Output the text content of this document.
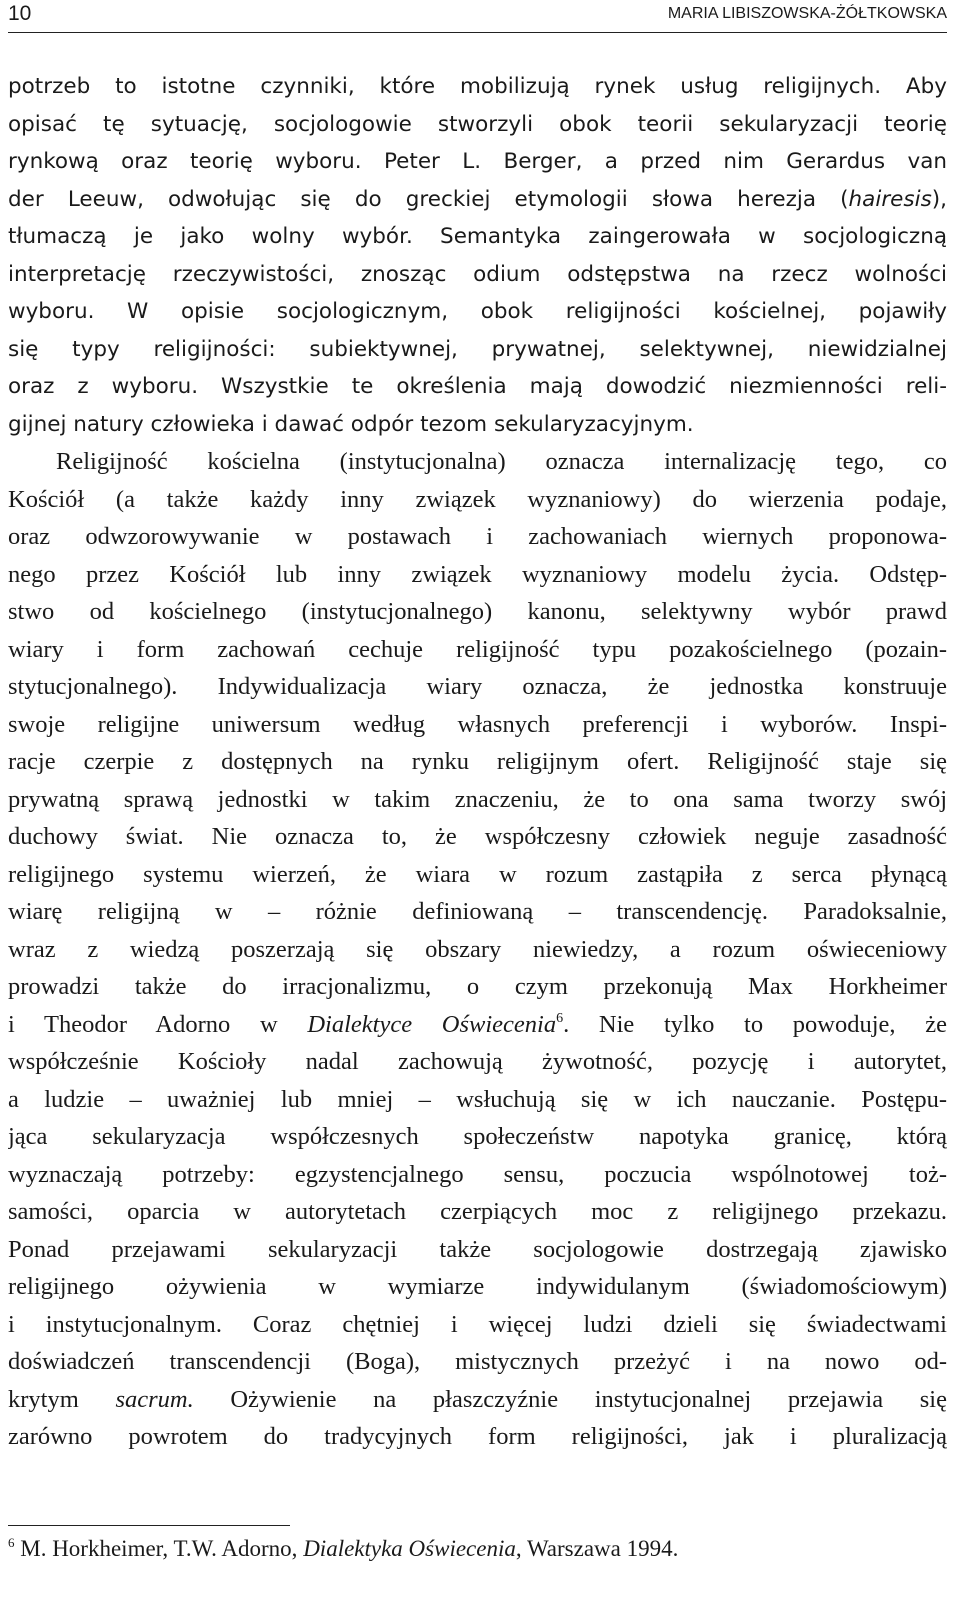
10	MARIA LIBISZOWSKA-ŻÓŁTKOWSKA
potrzeb to istotne czynniki, które mobilizują rynek usług religijnych. Aby
opisać tę sytuację, socjologowie stworzyli obok teorii sekularyzacji teorię
rynkową oraz teorię wyboru. Peter L. Berger, a przed nim Gerardus van
der Leeuw, odwołując się do greckiej etymologii słowa herezja (hairesis),
tłumaczą je jako wolny wybór. Semantyka zaingerowała w socjologiczną
interpretację rzeczywistości, znosząc odium odstępstwa na rzecz wolności
wyboru. W opisie socjologicznym, obok religijności kościelnej, pojawiły
się typy religijności: subiektywnej, prywatnej, selektywnej, niewidzialnej
oraz z wyboru. Wszystkie te określenia mają dowodzić niezmienności reli-
gijnej natury człowieka i dawać odpór tezom sekularyzacyjnym.
Religijność kościelna (instytucjonalna) oznacza internalizację tego, co
Kościół (a także każdy inny związek wyznaniowy) do wierzenia podaje,
oraz odwzorowywanie w postawach i zachowaniach wiernych proponowa-
nego przez Kościół lub inny związek wyznaniowy modelu życia. Odstęp-
stwo od kościelnego (instytucjonalnego) kanonu, selektywny wybór prawd
wiary i form zachowań cechuje religijność typu pozakościelnego (pozain-
stytucjonalnego). Indywidualizacja wiary oznacza, że jednostka konstruuje
swoje religijne uniwersum według własnych preferencji i wyborów. Inspi-
racje czerpie z dostępnych na rynku religijnym ofert. Religijność staje się
prywatną sprawą jednostki w takim znaczeniu, że to ona sama tworzy swój
duchowy świat. Nie oznacza to, że współczesny człowiek neguje zasadność
religijnego systemu wierzeń, że wiara w rozum zastąpiła z serca płynącą
wiarę religijną w – różnie definiowaną – transcendencję. Paradoksalnie,
wraz z wiedzą poszerzają się obszary niewiedzy, a rozum oświeceniowy
prowadzi także do irracjonalizmu, o czym przekonują Max Horkheimer
i Theodor Adorno w Dialektyce Oświecenia$^6$. Nie tylko to powoduje, że
współcześnie Kościoły nadal zachowują żywotność, pozycję i autorytet,
a ludzie – uważniej lub mniej – wsłuchują się w ich nauczanie. Postępu-
jąca sekularyzacja współczesnych społeczeństw napotyka granicę, którą
wyznaczają potrzeby: egzystencjalnego sensu, poczucia wspólnotowej toż-
samości, oparcia w autorytetach czerpiących moc z religijnego przekazu.
Ponad przejawami sekularyzacji także socjologowie dostrzegają zjawisko
religijnego ożywienia w wymiarze indywidulanym (świadomościowym)
i instytucjonalnym. Coraz chętniej i więcej ludzi dzieli się świadectwami
doświadczeń transcendencji (Boga), mistycznych przeżyć i na nowo od-
krytym sacrum. Ożywienie na płaszczyźnie instytucjonalnej przejawia się
zarówno powrotem do tradycyjnych form religijności, jak i pluralizacją
$^6$ M. Horkheimer, T.W. Adorno, Dialektyka Oświecenia, Warszawa 1994.
